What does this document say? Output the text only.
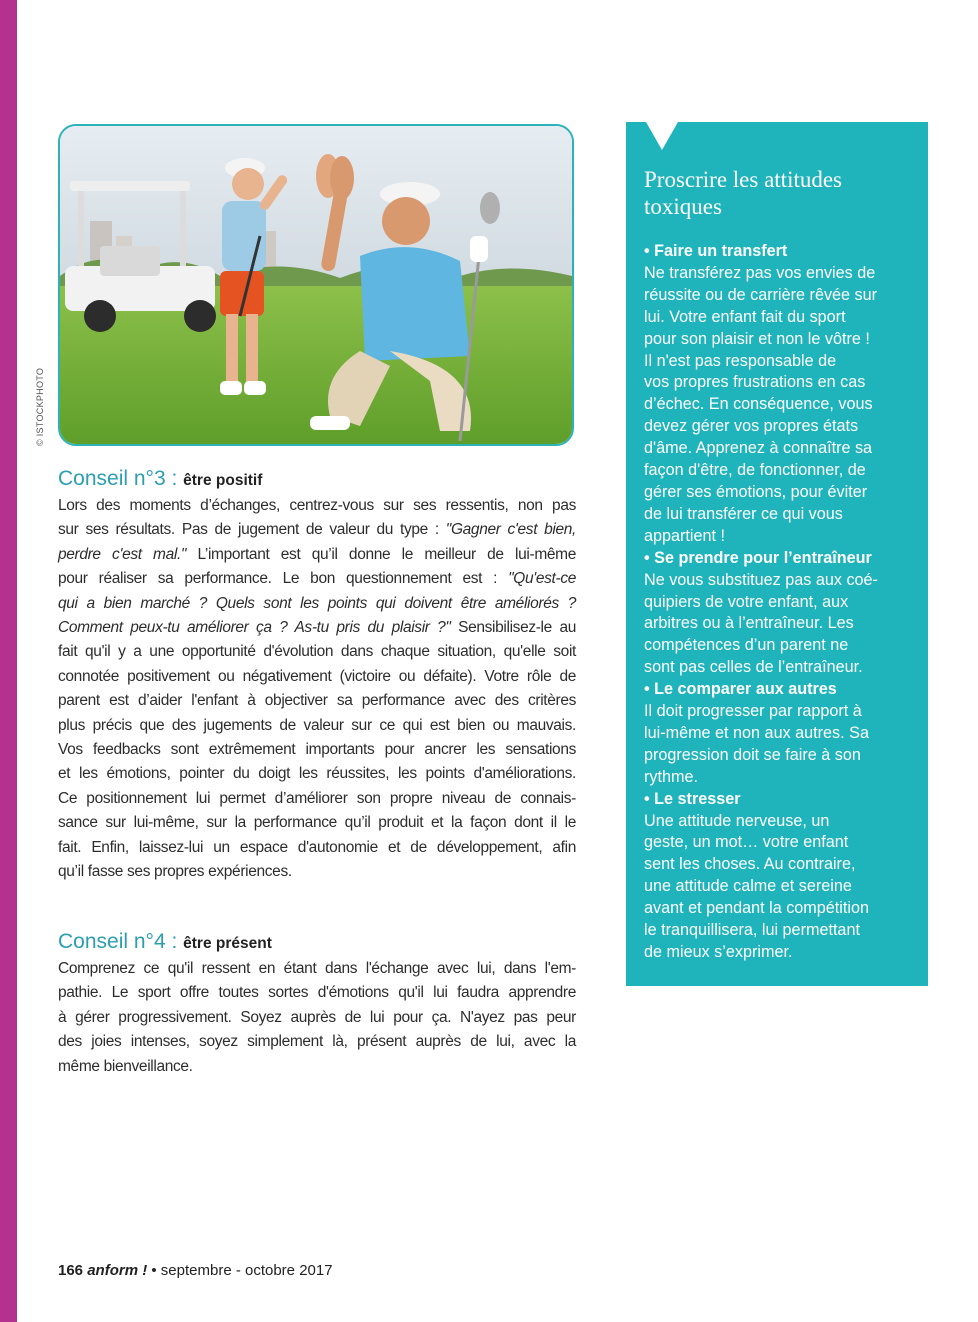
© ISTOCKPHOTO
Conseil n°3 : être positif
Lors des moments d’échanges, centrez-vous sur ses ressentis, non pas
sur ses résultats. Pas de jugement de valeur du type : "Gagner c'est bien,
perdre c'est mal." L’important est qu’il donne le meilleur de lui-même
pour réaliser sa performance. Le bon questionnement est : "Qu'est-ce
qui a bien marché ? Quels sont les points qui doivent être améliorés ?
Comment peux-tu améliorer ça ? As-tu pris du plaisir ?" Sensibilisez-le au
fait qu'il y a une opportunité d'évolution dans chaque situation, qu'elle soit
connotée positivement ou négativement (victoire ou défaite). Votre rôle de
parent est d’aider l'enfant à objectiver sa performance avec des critères
plus précis que des jugements de valeur sur ce qui est bien ou mauvais.
Vos feedbacks sont extrêmement importants pour ancrer les sensations
et les émotions, pointer du doigt les réussites, les points d'améliorations.
Ce positionnement lui permet d’améliorer son propre niveau de connais-
sance sur lui-même, sur la performance qu’il produit et la façon dont il le
fait. Enfin, laissez-lui un espace d'autonomie et de développement, afin
qu’il fasse ses propres expériences.
Conseil n°4 : être présent
Comprenez ce qu'il ressent en étant dans l'échange avec lui, dans l'em-
pathie. Le sport offre toutes sortes d'émotions qu'il lui faudra apprendre
à gérer progressivement. Soyez auprès de lui pour ça. N'ayez pas peur
des joies intenses, soyez simplement là, présent auprès de lui, avec la
même bienveillance.
Proscrire les attitudes
toxiques
• Faire un transfert
Ne transférez pas vos envies de
réussite ou de carrière rêvée sur
lui. Votre enfant fait du sport
pour son plaisir et non le vôtre !
Il n'est pas responsable de
vos propres frustrations en cas
d’échec. En conséquence, vous
devez gérer vos propres états
d'âme. Apprenez à connaître sa
façon d'être, de fonctionner, de
gérer ses émotions, pour éviter
de lui transférer ce qui vous
appartient !
• Se prendre pour l’entraîneur
Ne vous substituez pas aux coé-
quipiers de votre enfant, aux
arbitres ou à l’entraîneur. Les
compétences d’un parent ne
sont pas celles de l’entraîneur.
• Le comparer aux autres
Il doit progresser par rapport à
lui-même et non aux autres. Sa
progression doit se faire à son
rythme.
• Le stresser
Une attitude nerveuse, un
geste, un mot… votre enfant
sent les choses. Au contraire,
une attitude calme et sereine
avant et pendant la compétition
le tranquillisera, lui permettant
de mieux s’exprimer.
166 anform ! • septembre - octobre 2017
